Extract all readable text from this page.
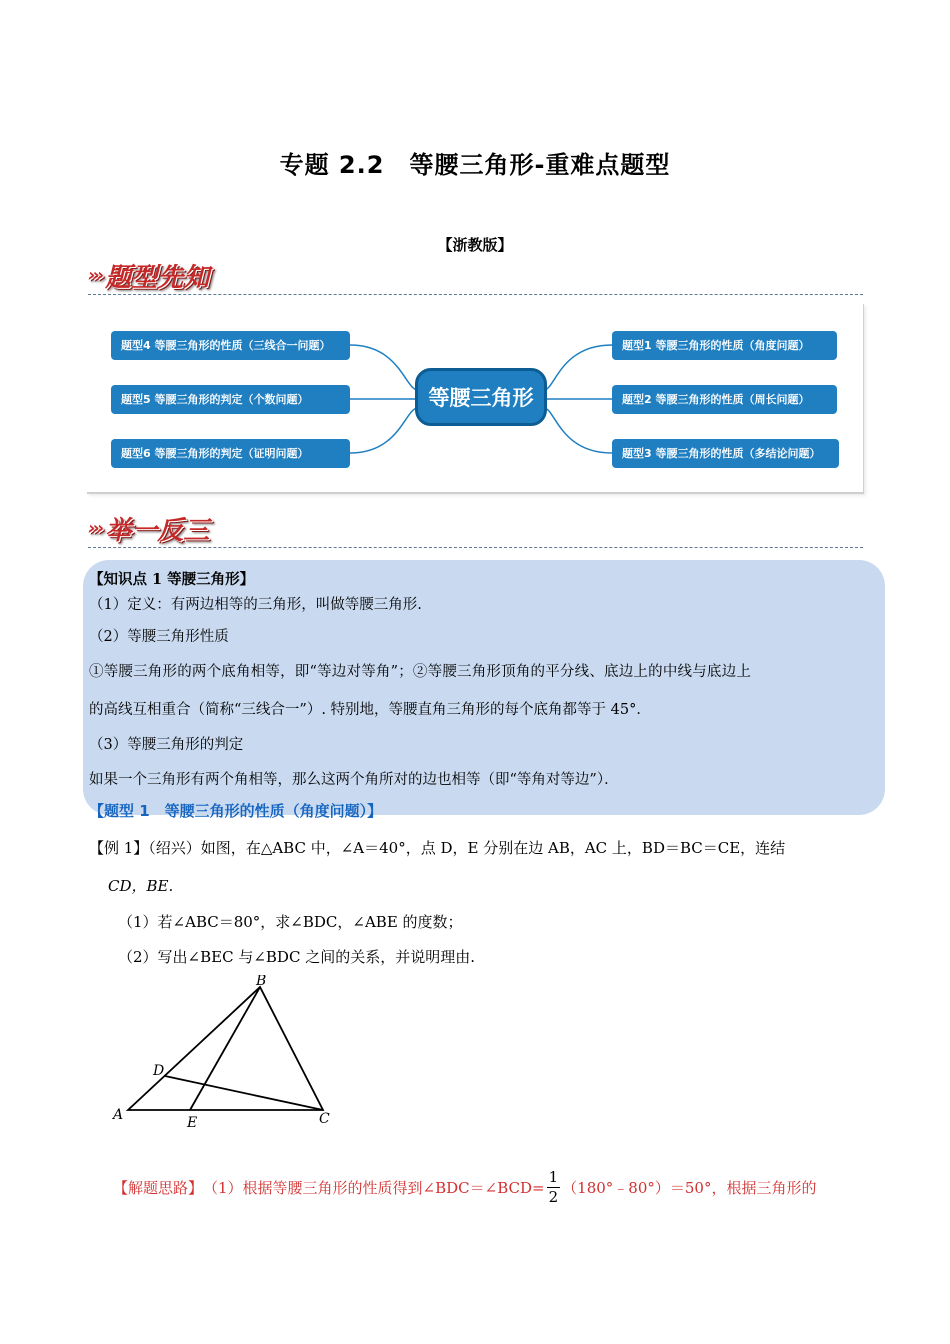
专题 2.2　等腰三角形-重难点题型
【浙教版】
››› 题型先知
题型4 等腰三角形的性质（三线合一问题）
题型5 等腰三角形的判定（个数问题）
题型6 等腰三角形的判定（证明问题）
等腰三角形
题型1 等腰三角形的性质（角度问题）
题型2 等腰三角形的性质（周长问题）
题型3 等腰三角形的性质（多结论问题）
››› 举一反三
【知识点 1 等腰三角形】
（1）定义：有两边相等的三角形，叫做等腰三角形.
（2）等腰三角形性质
①等腰三角形的两个底角相等，即“等边对等角”；②等腰三角形顶角的平分线、底边上的中线与底边上
的高线互相重合（简称“三线合一”）. 特别地，等腰直角三角形的每个底角都等于 45°．
（3）等腰三角形的判定
如果一个三角形有两个角相等，那么这两个角所对的边也相等（即“等角对等边”）．
【题型 1　等腰三角形的性质（角度问题）】
【例 1】（绍兴）如图，在△ABC 中，∠A＝40°，点 D，E 分别在边 AB，AC 上，BD＝BC＝CE，连结
CD，BE.
（1）若∠ABC＝80°，求∠BDC，∠ABE 的度数；
（2）写出∠BEC 与∠BDC 之间的关系，并说明理由.
B
D
A	E	C
【解题思路】 （1）根据等腰三角形的性质得到∠BDC＝∠BCD= $\frac{1}{2}$ （180°﹣80°）＝50°，根据三角形的
